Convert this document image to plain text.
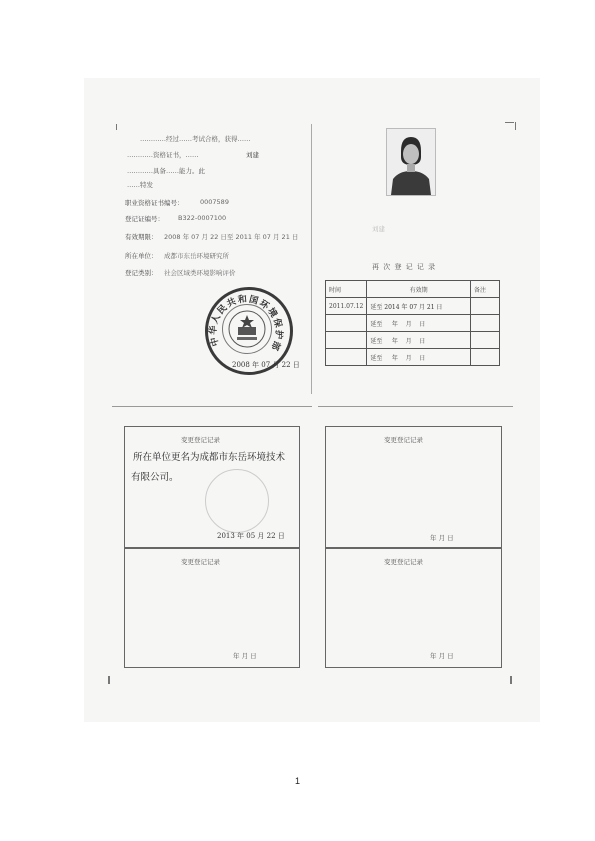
…………经过……考试合格，获得……
…………资格证书，……	刘建
…………具备……能力。此
……特发
职业资格证书编号：	0007589
登记证编号： B322-0007100
有效期限： 2008 年 07 月 22 日至 2011 年 07 月 21 日
所在单位： 成都市东岳环境研究所
登记类别： 社会区域类环境影响评价
中华人民共和国环境保护部
2008 年 07 月 22 日
刘建
再 次 登 记 记 录
时间	有效期	备注
2011.07.12	延至 2014 年 07 月 21 日	
	延至 年 月 日	
	延至 年 月 日	
	延至 年 月 日	
变更登记记录
所在单位更名为成都市东岳环境技术
有限公司。
2013 年 05 月 22 日
变更登记记录
年 月 日
变更登记记录
年 月 日
变更登记记录
年 月 日
1
